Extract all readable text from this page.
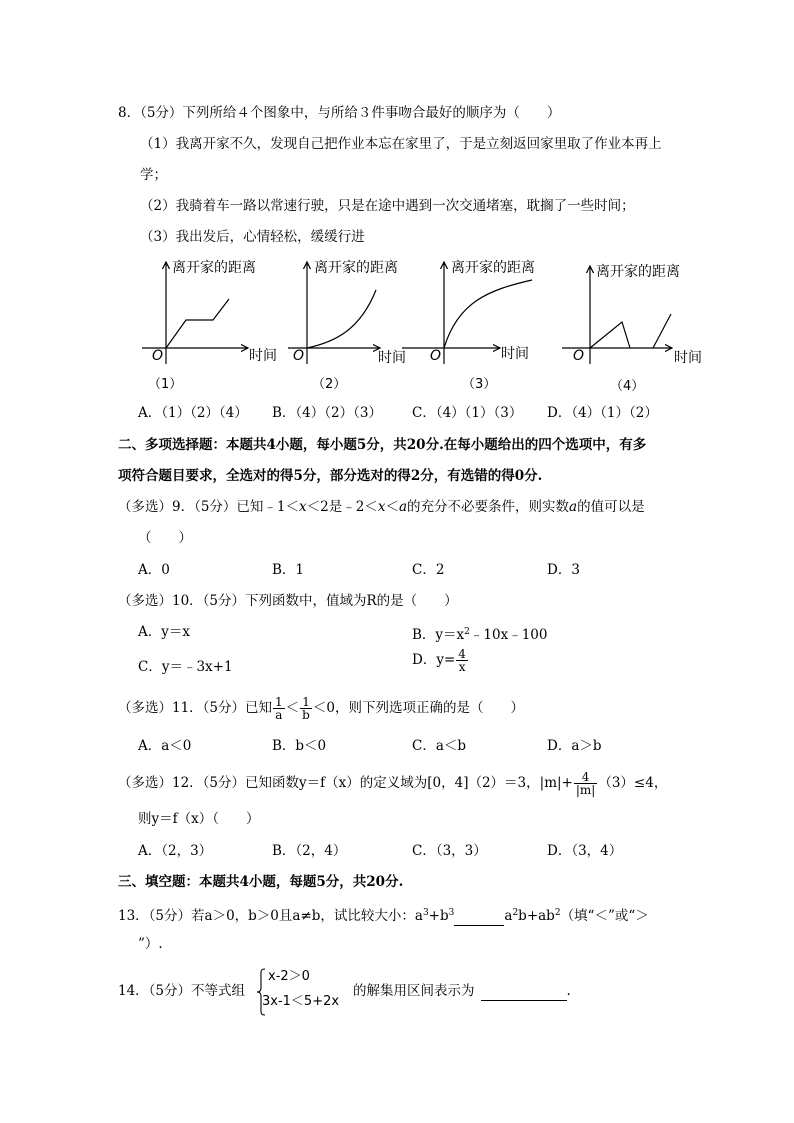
8．（5分）下列所给４个图象中，与所给３件事吻合最好的顺序为（　　）
（1）我离开家不久，发现自己把作业本忘在家里了，于是立刻返回家里取了作业本再上
学；
（2）我骑着车一路以常速行驶，只是在途中遇到一次交通堵塞，耽搁了一些时间；
（3）我出发后，心情轻松，缓缓行进
离开家的距离
时间
O
离开家的距离
时间
O
离开家的距离
时间
O
离开家的距离
时间
O
（1）	（2）	（3）	（4）
A．（1）（2）（4） B．（4）（2）（3） C．（4）（1）（3） D．（4）（1）（2）
二、多项选择题：本题共4小题，每小题5分，共20分.在每小题给出的四个选项中，有多
项符合题目要求，全选对的得5分，部分选对的得2分，有选错的得0分.
（多选）9．（5分）已知﹣1＜x＜2是﹣2＜x＜a的充分不必要条件，则实数a的值可以是
（　　）
A．0	B．1	C．2	D．3
（多选）10．（5分）下列函数中，值域为R的是（　　）
A．y＝x	B．$y=x^2﹣10x﹣100$
C．y＝﹣3x+1	D．$y= \frac{4}{x}$
（多选）11．（5分）已知 $\frac{1}{a} < \frac{1}{b} <0$，则下列选项正确的是（　　）
A．a＜0	B．b＜0	C．a＜b	D．a＞b
（多选）12．（5分）已知函数y＝f（x）的定义域为[0，4]（2）＝3，$|m|+ \frac{4}{|m|} (3)\le 4$，
则y＝f（x）（　　）
A．（2，3）	B．（2，4）	C．（3，3）	D．（3，4）
三、填空题：本题共4小题，每题5分，共20分.
13．（5分）若a＞0，b＞0且a≠b，试比较大小：$a^3+b^3$	$a^2b+ab^2$（填“＜”或“＞
”）.
14．（5分）不等式组
x-2＞0
3x-1＜5+2x
的解集用区间表示为	.
